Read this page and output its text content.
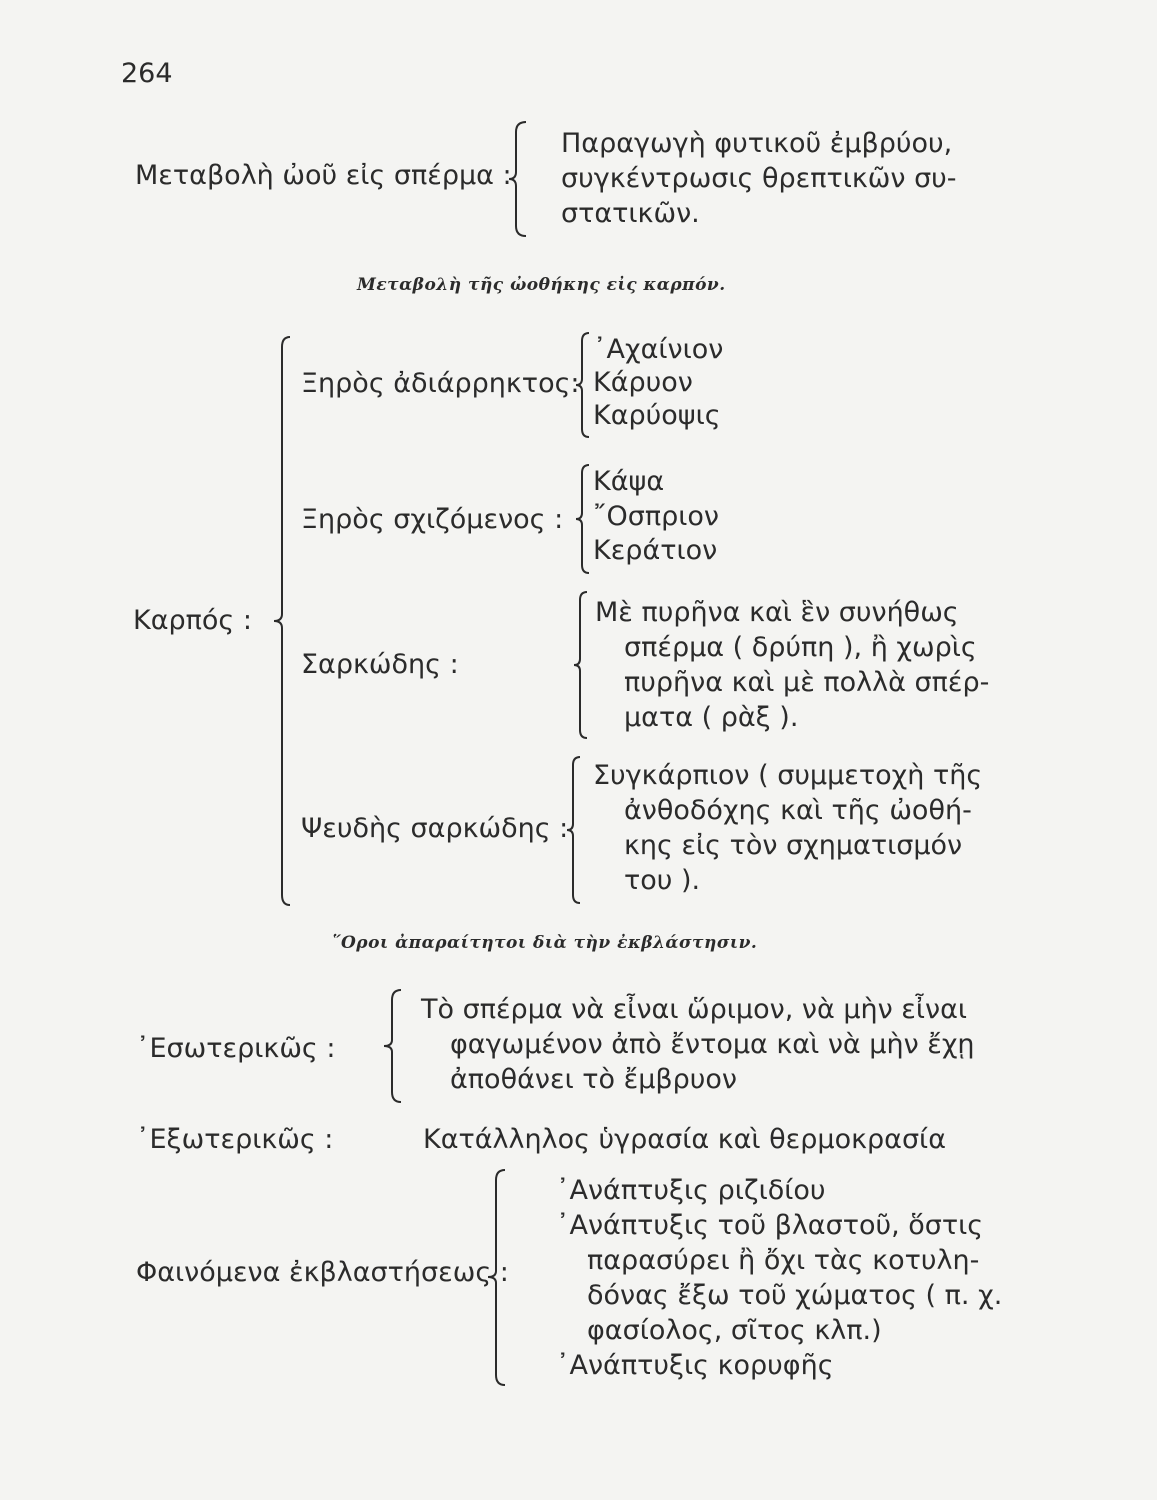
264
Μεταβολὴ ὠοῦ εἰς σπέρμα :
Παραγωγὴ φυτικοῦ ἐμβρύου,
συγκέντρωσις θρεπτικῶν συ-
στατικῶν.
Μεταβολὴ τῆς ὠοθήκης εἰς καρπόν.
Καρπός :
Ξηρὸς ἀδιάρρηκτος:
᾿Αχαίνιον
Κάρυον
Καρύοψις
Ξηρὸς σχιζόμενος :
Κάψα
῎Οσπριον
Κεράτιον
Σαρκώδης :
Μὲ πυρῆνα καὶ ἓν συνήθως
σπέρμα ( δρύπη ), ἢ χωρὶς
πυρῆνα καὶ μὲ πολλὰ σπέρ-
ματα ( ρὰξ ).
Ψευδὴς σαρκώδης :
Συγκάρπιον ( συμμετοχὴ τῆς
ἀνθοδόχης καὶ τῆς ὠοθή-
κης εἰς τὸν σχηματισμόν
του ).
῞Οροι ἀπαραίτητοι διὰ τὴν ἐκβλάστησιν.
᾿Εσωτερικῶς :
Τὸ σπέρμα νὰ εἶναι ὥριμον, νὰ μὴν εἶναι
φαγωμένον ἀπὸ ἔντομα καὶ νὰ μὴν ἔχῃ
ἀποθάνει τὸ ἔμβρυον
᾿Εξωτερικῶς :	Κατάλληλος ὑγρασία καὶ θερμοκρασία
Φαινόμενα ἐκβλαστήσεως :
᾿Ανάπτυξις ριζιδίου
᾿Ανάπτυξις τοῦ βλαστοῦ, ὅστις
παρασύρει ἢ ὄχι τὰς κοτυλη-
δόνας ἔξω τοῦ χώματος ( π. χ.
φασίολος, σῖτος κλπ.)
᾿Ανάπτυξις κορυφῆς
